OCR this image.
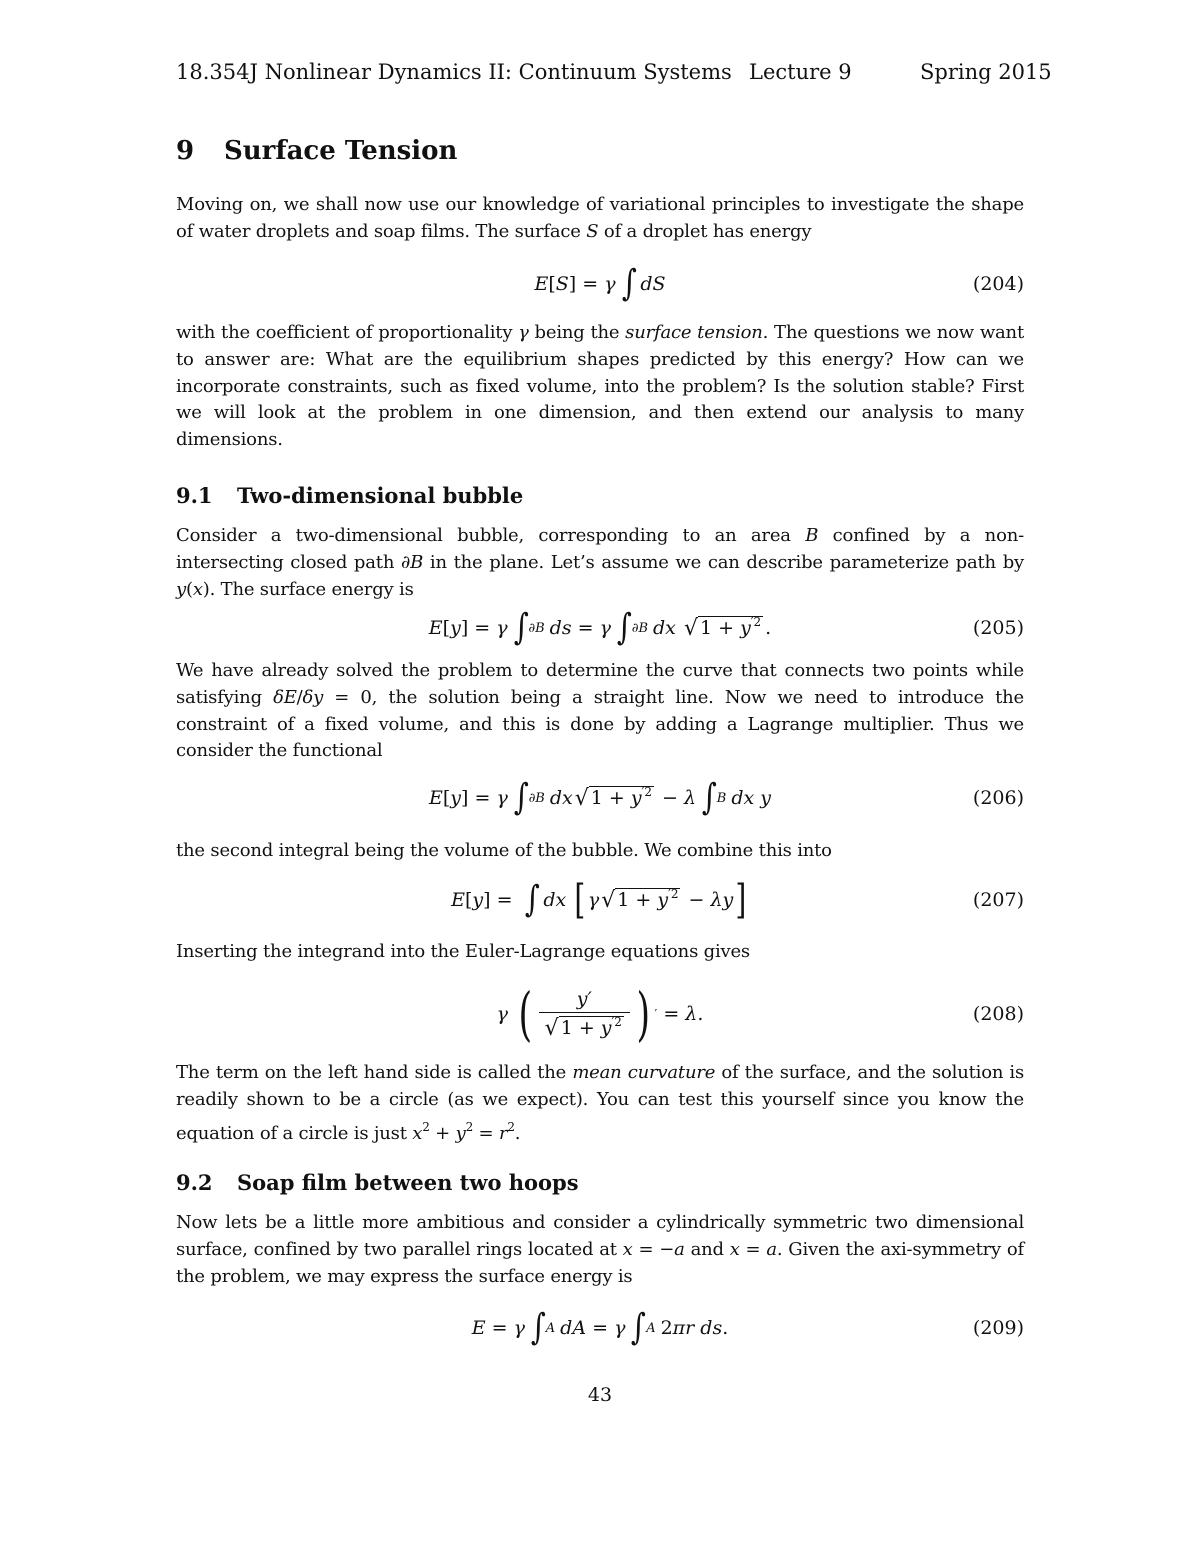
18.354J Nonlinear Dynamics II: Continuum Systems Lecture 9	Spring 2015
9 Surface Tension

Moving on, we shall now use our knowledge of variational principles to investigate the shape of water droplets and soap films. The surface S of a droplet has energy

E [ S ] =
γ ∫ dS	(204)

with the coefficient of proportionality γ being the surface tension. The questions we now want to answer are: What are the equilibrium shapes predicted by this energy? How can we incorporate constraints, such as fixed volume, into the problem? Is the solution stable? First we will look at the problem in one dimension, and then extend our analysis to many dimensions.

9.1 Two-dimensional bubble

Consider a two-dimensional bubble, corresponding to an area B confined by a non-intersecting closed path ∂B in the plane. Let’s assume we can describe parameterize path by y(x). The surface energy is

E [ y ] =
γ ∫ ∂B ds
=
γ ∫ ∂B dx
√ $1 + y^{'2}$ .	(205)

We have already solved the problem to determine the curve that connects two points while satisfying δE/δy = 0, the solution being a straight line. Now we need to introduce the constraint of a fixed volume, and this is done by adding a Lagrange multiplier. Thus we consider the functional

E [ y ] =
γ ∫ ∂B dx √ $1 + y^{'2}$
−
λ ∫ B dx y	(206)

the second integral being the volume of the bubble. We combine this into

E [ y ] =
∫ dx
[ γ √ $1 + y^{'2}$
−
λy ]	(207)

Inserting the integrand into the Euler-Lagrange equations gives

γ
( $\frac{y'}{√ 1 + y^{'2}}$ ) ′
=
λ .	(208)

The term on the left hand side is called the mean curvature of the surface, and the solution is readily shown to be a circle (as we expect). You can test this yourself since you know the equation of a circle is just $x^2 + y^2 = r^2$.

9.2 Soap film between two hoops

Now lets be a little more ambitious and consider a cylindrically symmetric two dimensional surface, confined by two parallel rings located at x = −a and x = a. Given the axi-symmetry of the problem, we may express the surface energy is

E
=
γ ∫ A dA
=
γ ∫ A 2 πr ds .	(209)
43
